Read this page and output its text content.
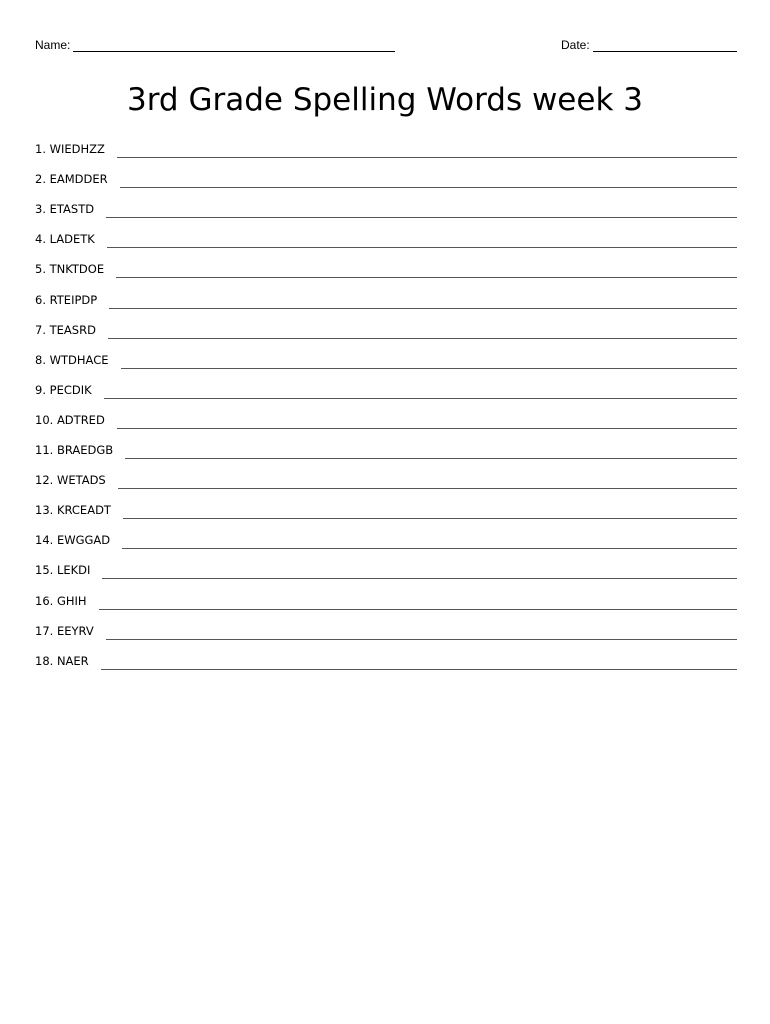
Name:	Date:
3rd Grade Spelling Words week 3
1. WIEDHZZ
2. EAMDDER
3. ETASTD
4. LADETK
5. TNKTDOE
6. RTEIPDP
7. TEASRD
8. WTDHACE
9. PECDIK
10. ADTRED
11. BRAEDGB
12. WETADS
13. KRCEADT
14. EWGGAD
15. LEKDI
16. GHIH
17. EEYRV
18. NAER
